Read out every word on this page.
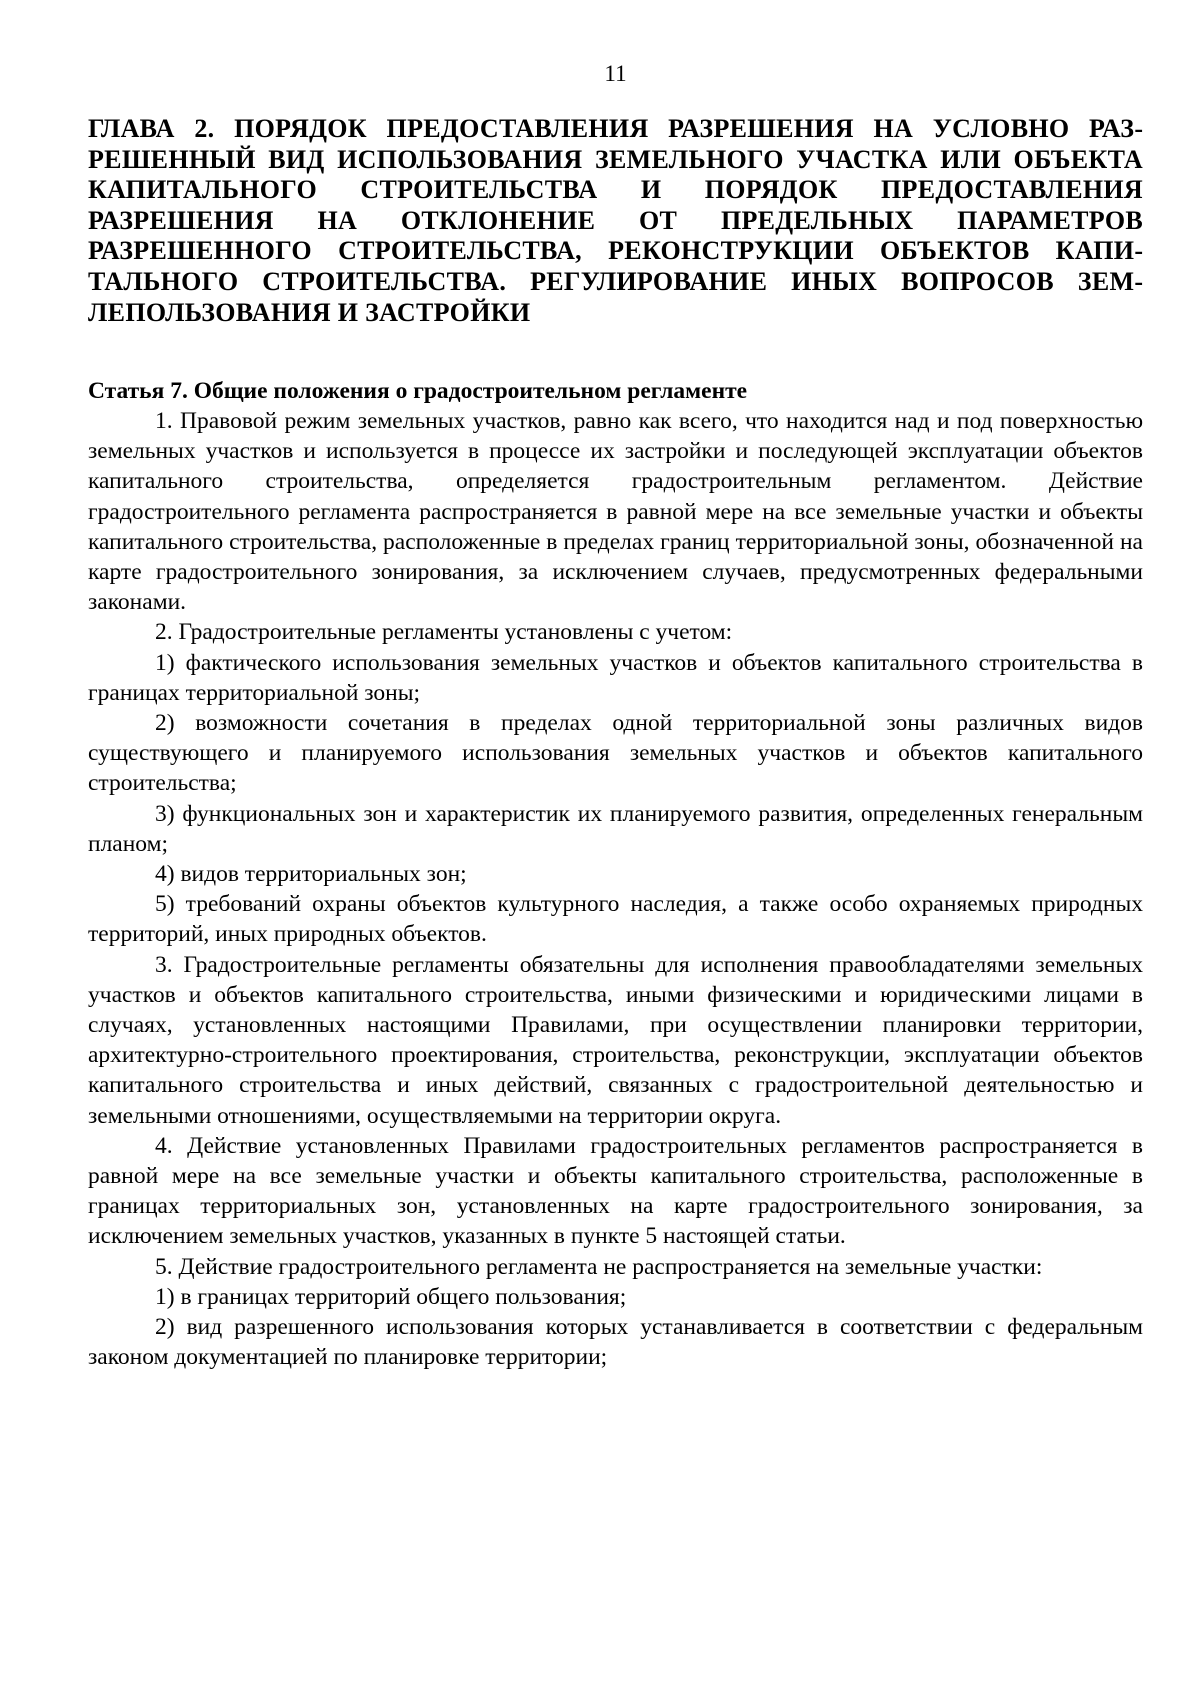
11
ГЛАВА 2. ПОРЯДОК ПРЕДОСТАВЛЕНИЯ РАЗРЕШЕНИЯ НА УСЛОВНО РАЗРЕШЕННЫЙ ВИД ИСПОЛЬЗОВАНИЯ ЗЕМЕЛЬНОГО УЧАСТКА ИЛИ ОБЪЕКТА КАПИТАЛЬНОГО СТРОИТЕЛЬСТВА И ПОРЯДОК ПРЕДОСТАВЛЕНИЯ РАЗРЕШЕНИЯ НА ОТКЛОНЕНИЕ ОТ ПРЕДЕЛЬНЫХ ПАРАМЕТРОВ РАЗРЕШЕННОГО СТРОИТЕЛЬСТВА, РЕКОНСТРУКЦИИ ОБЪЕКТОВ КАПИТАЛЬНОГО СТРОИТЕЛЬСТВА. РЕГУЛИРОВАНИЕ ИНЫХ ВОПРОСОВ ЗЕМЛЕПОЛЬЗОВАНИЯ И ЗАСТРОЙКИ
Статья 7. Общие положения о градостроительном регламенте

1. Правовой режим земельных участков, равно как всего, что находится над и под поверхностью земельных участков и используется в процессе их застройки и последующей эксплуатации объектов капитального строительства, определяется градостроительным регламентом. Действие градостроительного регламента распространяется в равной мере на все земельные участки и объекты капитального строительства, расположенные в пределах границ территориальной зоны, обозначенной на карте градостроительного зонирования, за исключением случаев, предусмотренных федеральными законами.

2. Градостроительные регламенты установлены с учетом:

1) фактического использования земельных участков и объектов капитального строительства в границах территориальной зоны;

2) возможности сочетания в пределах одной территориальной зоны различных видов существующего и планируемого использования земельных участков и объектов капитального строительства;

3) функциональных зон и характеристик их планируемого развития, определенных генеральным планом;

4) видов территориальных зон;

5) требований охраны объектов культурного наследия, а также особо охраняемых природных территорий, иных природных объектов.

3. Градостроительные регламенты обязательны для исполнения правообладателями земельных участков и объектов капитального строительства, иными физическими и юридическими лицами в случаях, установленных настоящими Правилами, при осуществлении планировки территории, архитектурно-строительного проектирования, строительства, реконструкции, эксплуатации объектов капитального строительства и иных действий, связанных с градостроительной деятельностью и земельными отношениями, осуществляемыми на территории округа.

4. Действие установленных Правилами градостроительных регламентов распространяется в равной мере на все земельные участки и объекты капитального строительства, расположенные в границах территориальных зон, установленных на карте градостроительного зонирования, за исключением земельных участков, указанных в пункте 5 настоящей статьи.

5. Действие градостроительного регламента не распространяется на земельные участки:

1) в границах территорий общего пользования;

2) вид разрешенного использования которых устанавливается в соответствии с федеральным законом документацией по планировке территории;
